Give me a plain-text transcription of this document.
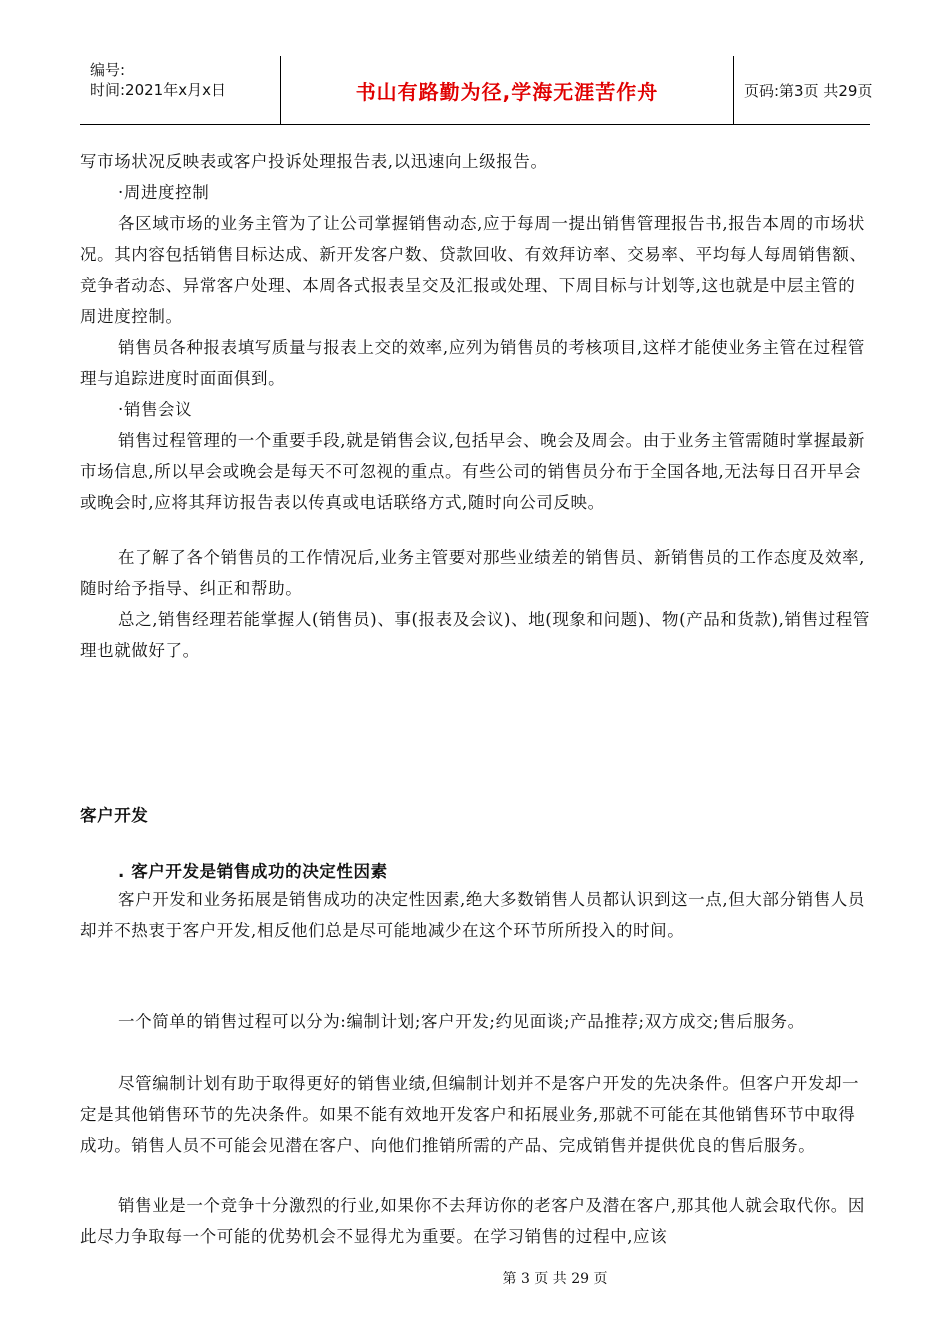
编号:
时间:2021年x月x日	书山有路勤为径,学海无涯苦作舟	页码:第3页 共29页

写市场状况反映表或客户投诉处理报告表,以迅速向上级报告。

·周进度控制

各区域市场的业务主管为了让公司掌握销售动态,应于每周一提出销售管理报告书,报告本周的市场状况。其内容包括销售目标达成、新开发客户数、贷款回收、有效拜访率、交易率、平均每人每周销售额、竞争者动态、异常客户处理、本周各式报表呈交及汇报或处理、下周目标与计划等,这也就是中层主管的周进度控制。

销售员各种报表填写质量与报表上交的效率,应列为销售员的考核项目,这样才能使业务主管在过程管理与追踪进度时面面俱到。

·销售会议

销售过程管理的一个重要手段,就是销售会议,包括早会、晚会及周会。由于业务主管需随时掌握最新市场信息,所以早会或晚会是每天不可忽视的重点。有些公司的销售员分布于全国各地,无法每日召开早会或晚会时,应将其拜访报告表以传真或电话联络方式,随时向公司反映。

在了解了各个销售员的工作情况后,业务主管要对那些业绩差的销售员、新销售员的工作态度及效率,随时给予指导、纠正和帮助。

总之,销售经理若能掌握人(销售员)、事(报表及会议)、地(现象和问题)、物(产品和货款),销售过程管理也就做好了。

客户开发

. 客户开发是销售成功的决定性因素

客户开发和业务拓展是销售成功的决定性因素,绝大多数销售人员都认识到这一点,但大部分销售人员却并不热衷于客户开发,相反他们总是尽可能地减少在这个环节所所投入的时间。

一个简单的销售过程可以分为:编制计划;客户开发;约见面谈;产品推荐;双方成交;售后服务。

尽管编制计划有助于取得更好的销售业绩,但编制计划并不是客户开发的先决条件。但客户开发却一定是其他销售环节的先决条件。如果不能有效地开发客户和拓展业务,那就不可能在其他销售环节中取得成功。销售人员不可能会见潜在客户、向他们推销所需的产品、完成销售并提供优良的售后服务。

销售业是一个竞争十分激烈的行业,如果你不去拜访你的老客户及潜在客户,那其他人就会取代你。因此尽力争取每一个可能的优势机会不显得尤为重要。在学习销售的过程中,应该

第 3 页 共 29 页
